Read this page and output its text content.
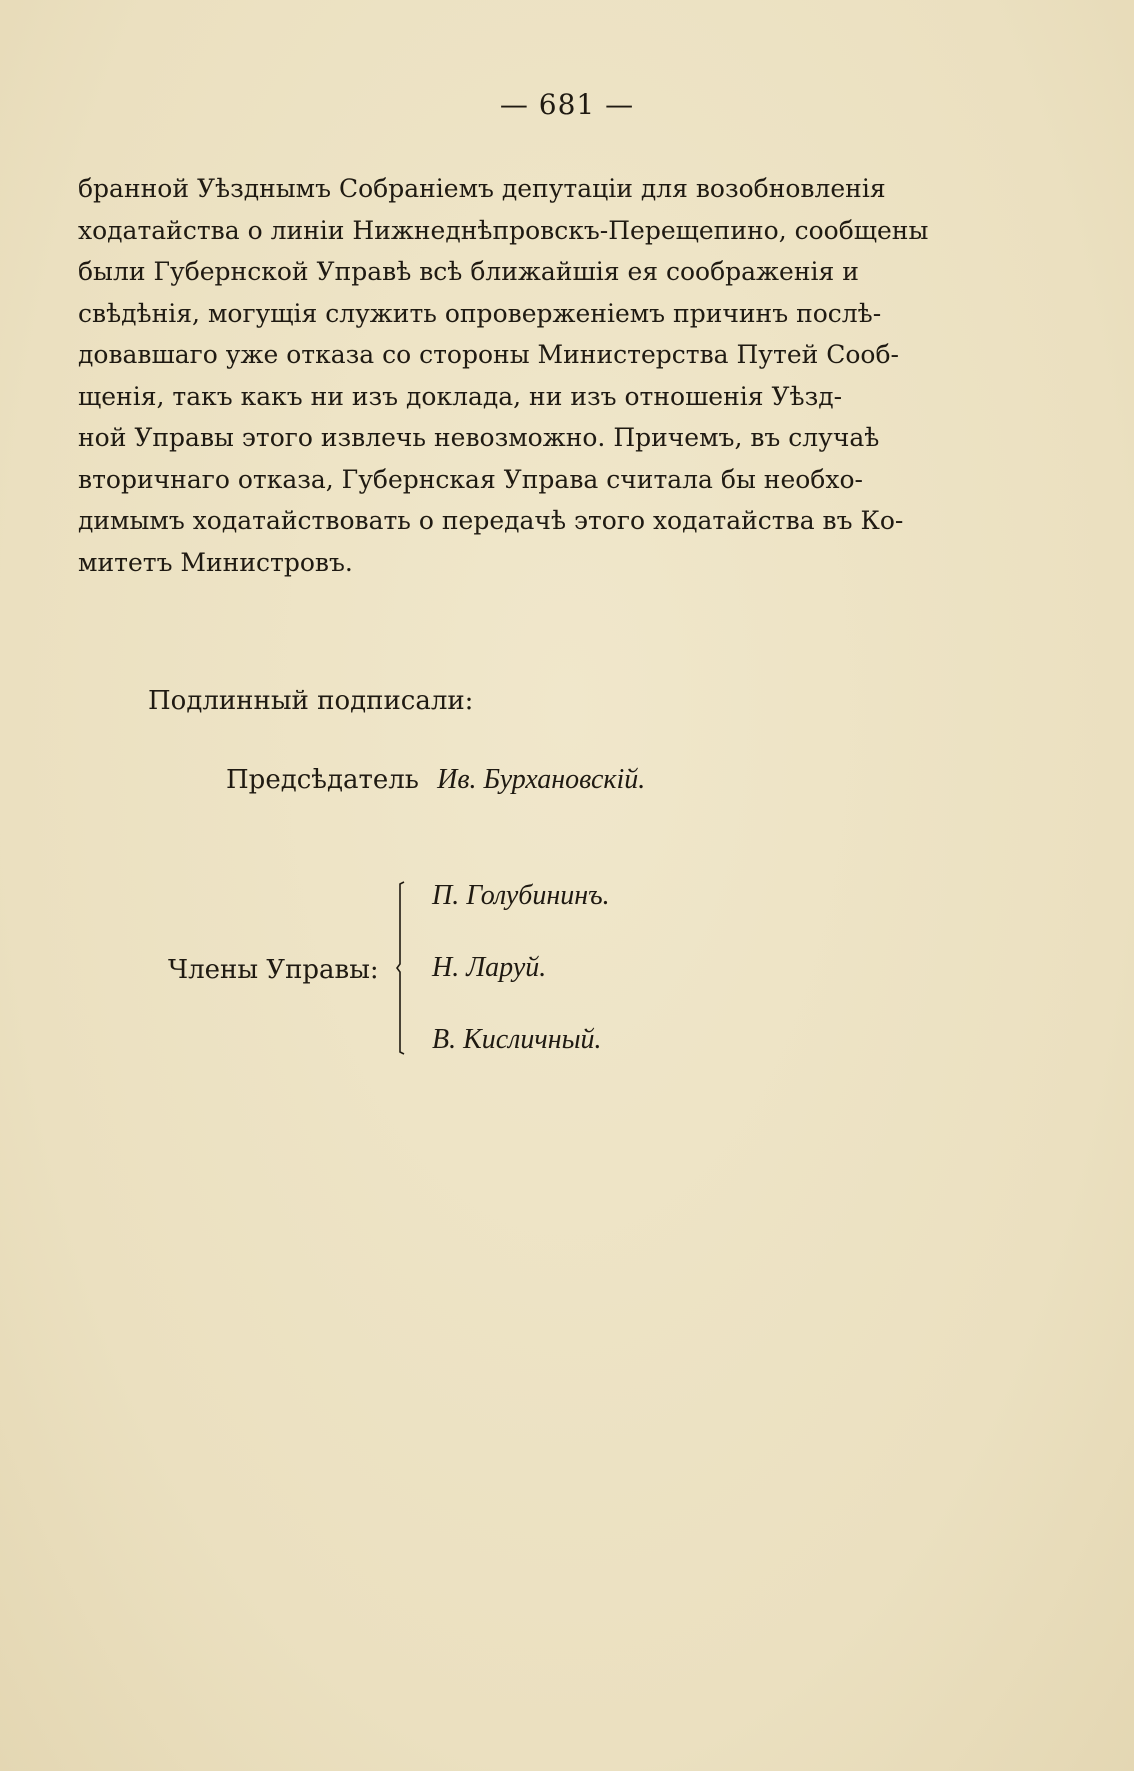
— 681 —
бранной Уѣзднымъ Собраніемъ депутаціи для возобновленія
ходатайства о линіи Нижнеднѣпровскъ-Перещепино, сообщены
были Губернской Управѣ всѣ ближайшія ея соображенія и
свѣдѣнія, могущія служить опроверженіемъ причинъ послѣ-
довавшаго уже отказа со стороны Министерства Путей Сооб-
щенія, такъ какъ ни изъ доклада, ни изъ отношенія Уѣзд-
ной Управы этого извлечь невозможно. Причемъ, въ случаѣ
вторичнаго отказа, Губернская Управа считала бы необхо-
димымъ ходатайствовать о передачѣ этого ходатайства въ Ко-
митетъ Министровъ.
Подлинный подписали:
Предсѣдатель Ив. Бурхановскій.
Члены Управы:
П. Голубининъ.
Н. Ларуй.
В. Кисличный.
